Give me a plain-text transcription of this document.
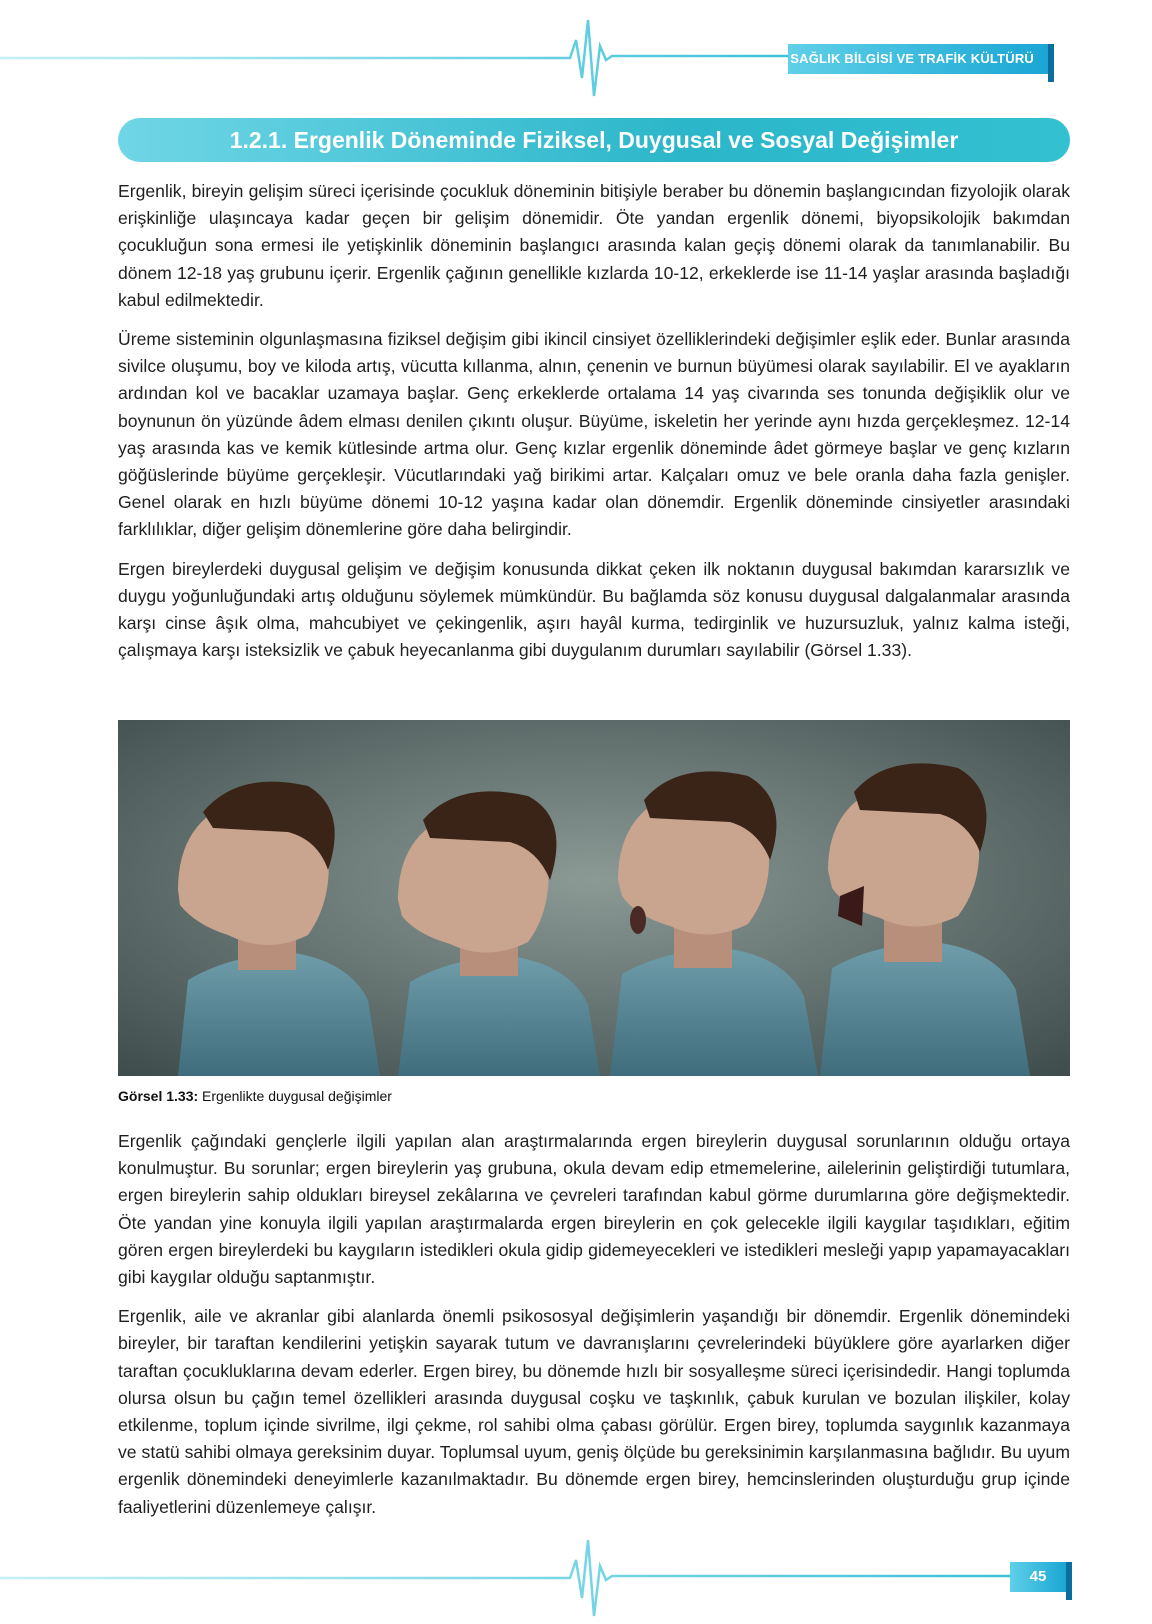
SAĞLIK BİLGİSİ VE TRAFİK KÜLTÜRÜ
1.2.1. Ergenlik Döneminde Fiziksel, Duygusal ve Sosyal Değişimler

Ergenlik, bireyin gelişim süreci içerisinde çocukluk döneminin bitişiyle beraber bu dönemin başlangıcından fizyolojik olarak erişkinliğe ulaşıncaya kadar geçen bir gelişim dönemidir. Öte yandan ergenlik dönemi, biyopsikolojik bakımdan çocukluğun sona ermesi ile yetişkinlik döneminin başlangıcı arasında kalan geçiş dönemi olarak da tanımlanabilir. Bu dönem 12-18 yaş grubunu içerir. Ergenlik çağının genellikle kızlarda 10-12, erkeklerde ise 11-14 yaşlar arasında başladığı kabul edilmektedir.

Üreme sisteminin olgunlaşmasına fiziksel değişim gibi ikincil cinsiyet özelliklerindeki değişimler eşlik eder. Bunlar arasında sivilce oluşumu, boy ve kiloda artış, vücutta kıllanma, alnın, çenenin ve burnun büyümesi olarak sayılabilir. El ve ayakların ardından kol ve bacaklar uzamaya başlar. Genç erkeklerde ortalama 14 yaş civarında ses tonunda değişiklik olur ve boynunun ön yüzünde âdem elması denilen çıkıntı oluşur. Büyüme, iskeletin her yerinde aynı hızda gerçekleşmez. 12-14 yaş arasında kas ve kemik kütlesinde artma olur. Genç kızlar ergenlik döneminde âdet görmeye başlar ve genç kızların göğüslerinde büyüme gerçekleşir. Vücutlarındaki yağ birikimi artar. Kalçaları omuz ve bele oranla daha fazla genişler. Genel olarak en hızlı büyüme dönemi 10-12 yaşına kadar olan dönemdir. Ergenlik döneminde cinsiyetler arasındaki farklılıklar, diğer gelişim dönemlerine göre daha belirgindir.

Ergen bireylerdeki duygusal gelişim ve değişim konusunda dikkat çeken ilk noktanın duygusal bakımdan kararsızlık ve duygu yoğunluğundaki artış olduğunu söylemek mümkündür. Bu bağlamda söz konusu duygusal dalgalanmalar arasında karşı cinse âşık olma, mahcubiyet ve çekingenlik, aşırı hayâl kurma, tedirginlik ve huzursuzluk, yalnız kalma isteği, çalışmaya karşı isteksizlik ve çabuk heyecanlanma gibi duygulanım durumları sayılabilir (Görsel 1.33).

Görsel 1.33: Ergenlikte duygusal değişimler

Ergenlik çağındaki gençlerle ilgili yapılan alan araştırmalarında ergen bireylerin duygusal sorunlarının olduğu ortaya konulmuştur. Bu sorunlar; ergen bireylerin yaş grubuna, okula devam edip etmemelerine, ailelerinin geliştirdiği tutumlara, ergen bireylerin sahip oldukları bireysel zekâlarına ve çevreleri tarafından kabul görme durumlarına göre değişmektedir. Öte yandan yine konuyla ilgili yapılan araştırmalarda ergen bireylerin en çok gelecekle ilgili kaygılar taşıdıkları, eğitim gören ergen bireylerdeki bu kaygıların istedikleri okula gidip gidemeyecekleri ve istedikleri mesleği yapıp yapamayacakları gibi kaygılar olduğu saptanmıştır.

Ergenlik, aile ve akranlar gibi alanlarda önemli psikososyal değişimlerin yaşandığı bir dönemdir. Ergenlik dönemindeki bireyler, bir taraftan kendilerini yetişkin sayarak tutum ve davranışlarını çevrelerindeki büyüklere göre ayarlarken diğer taraftan çocukluklarına devam ederler. Ergen birey, bu dönemde hızlı bir sosyalleşme süreci içerisindedir. Hangi toplumda olursa olsun bu çağın temel özellikleri arasında duygusal coşku ve taşkınlık, çabuk kurulan ve bozulan ilişkiler, kolay etkilenme, toplum içinde sivrilme, ilgi çekme, rol sahibi olma çabası görülür. Ergen birey, toplumda saygınlık kazanmaya ve statü sahibi olmaya gereksinim duyar. Toplumsal uyum, geniş ölçüde bu gereksinimin karşılanmasına bağlıdır. Bu uyum ergenlik dönemindeki deneyimlerle kazanılmaktadır. Bu dönemde ergen birey, hemcinslerinden oluşturduğu grup içinde faaliyetlerini düzenlemeye çalışır.

45
